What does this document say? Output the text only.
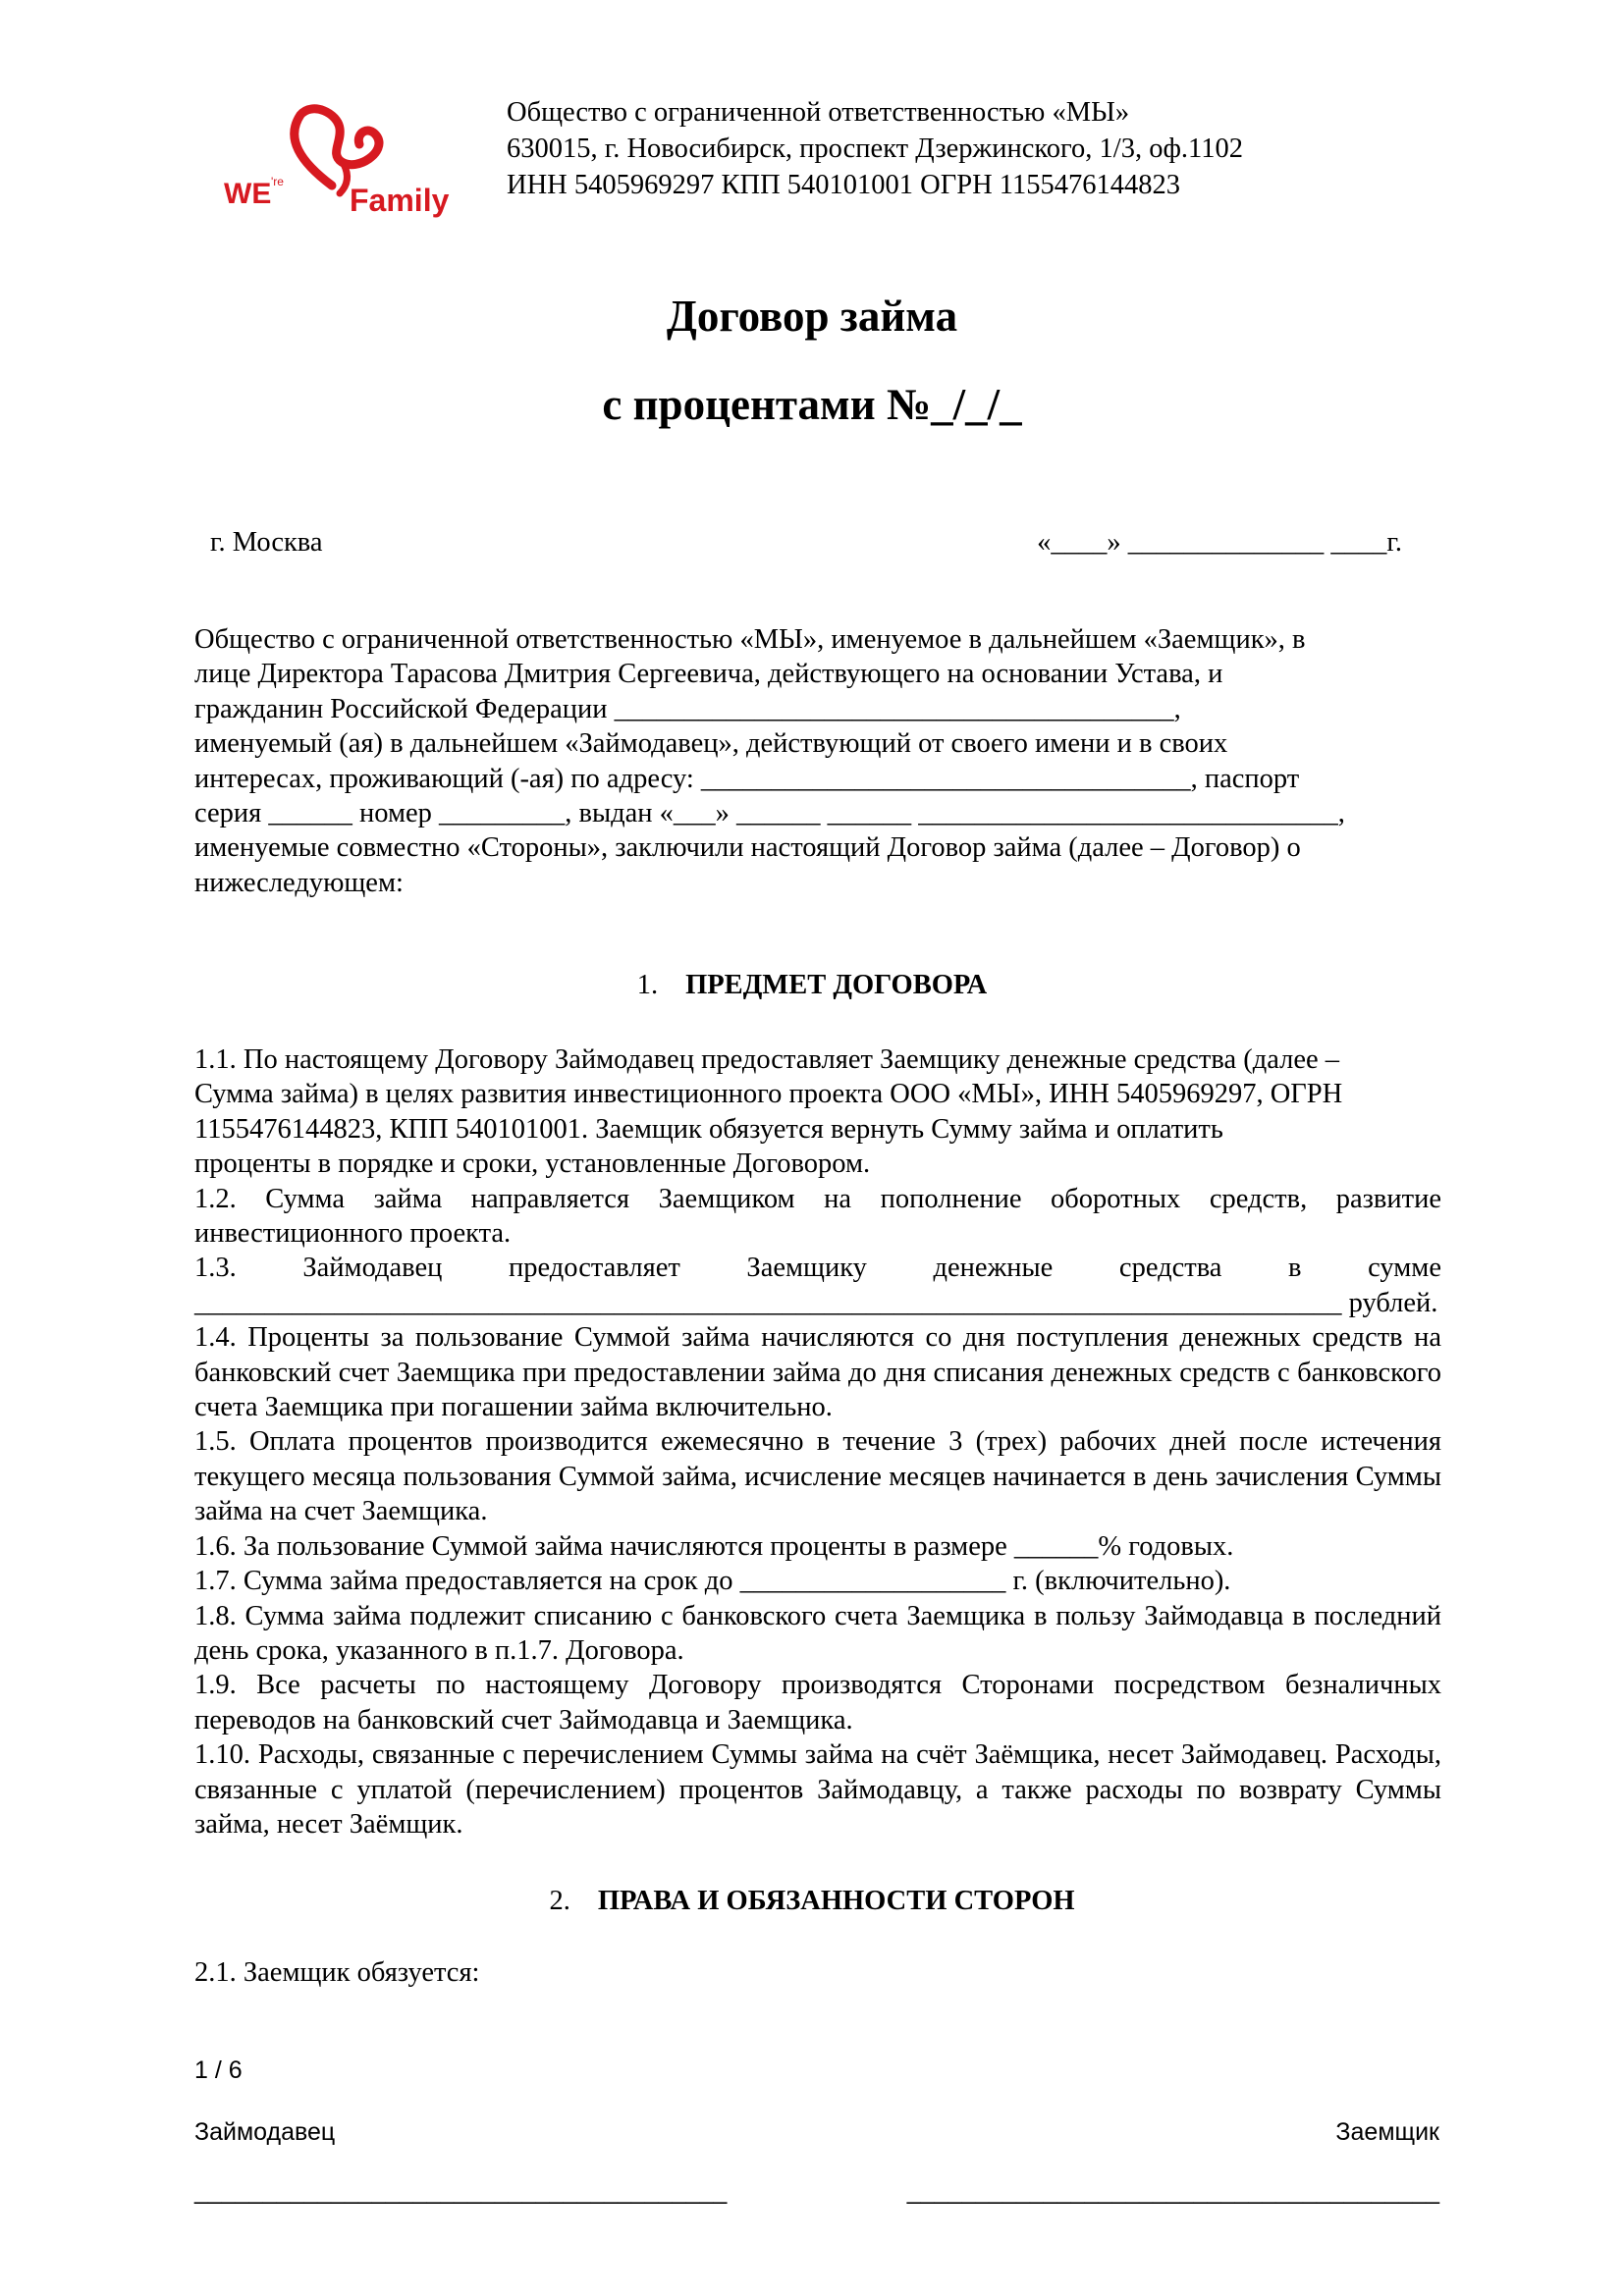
WE 're
Family
Общество с ограниченной ответственностью «МЫ»
630015, г. Новосибирск, проспект Дзержинского, 1/3, оф.1102
ИНН 5405969297 КПП 540101001 ОГРН 1155476144823
Договор займа
с процентами №_/_/_
г. Москва	«____» ______________ ____г.
Общество с ограниченной ответственностью «МЫ», именуемое в дальнейшем «Заемщик», в
лице Директора Тарасова Дмитрия Сергеевича, действующего на основании Устава, и
гражданин Российской Федерации ________________________________________,
именуемый (ая) в дальнейшем «Займодавец», действующий от своего имени и в своих
интересах, проживающий (-ая) по адресу: ___________________________________, паспорт
серия ______ номер _________, выдан «___» ______ ______ ______________________________,
именуемые совместно «Стороны», заключили настоящий Договор займа (далее – Договор) о
нижеследующем:
1. ПРЕДМЕТ ДОГОВОРА
1.1. По настоящему Договору Займодавец предоставляет Заемщику денежные средства (далее –
Сумма займа) в целях развития инвестиционного проекта ООО «МЫ», ИНН 5405969297, ОГРН
1155476144823, КПП 540101001. Заемщик обязуется вернуть Сумму займа и оплатить
проценты в порядке и сроки, установленные Договором.
1.2. Сумма займа направляется Заемщиком на пополнение оборотных средств, развитие инвестиционного проекта.
1.3. Займодавец предоставляет Заемщику денежные средства в сумме
__________________________________________________________________________________ рублей.
1.4. Проценты за пользование Суммой займа начисляются со дня поступления денежных средств на банковский счет Заемщика при предоставлении займа до дня списания денежных средств с банковского счета Заемщика при погашении займа включительно.
1.5. Оплата процентов производится ежемесячно в течение 3 (трех) рабочих дней после истечения текущего месяца пользования Суммой займа, исчисление месяцев начинается в день зачисления Суммы займа на счет Заемщика.
1.6. За пользование Суммой займа начисляются проценты в размере ______% годовых.
1.7. Сумма займа предоставляется на срок до ___________________ г. (включительно).
1.8. Сумма займа подлежит списанию с банковского счета Заемщика в пользу Займодавца в последний день срока, указанного в п.1.7. Договора.
1.9. Все расчеты по настоящему Договору производятся Сторонами посредством безналичных переводов на банковский счет Займодавца и Заемщика.
1.10. Расходы, связанные с перечислением Суммы займа на счёт Заёмщика, несет Займодавец. Расходы, связанные с уплатой (перечислением) процентов Займодавцу, а также расходы по возврату Суммы займа, несет Заёмщик.
2. ПРАВА И ОБЯЗАННОСТИ СТОРОН
2.1. Заемщик обязуется:
1 / 6
Займодавец	Заемщик
_______________________________________	_______________________________________
